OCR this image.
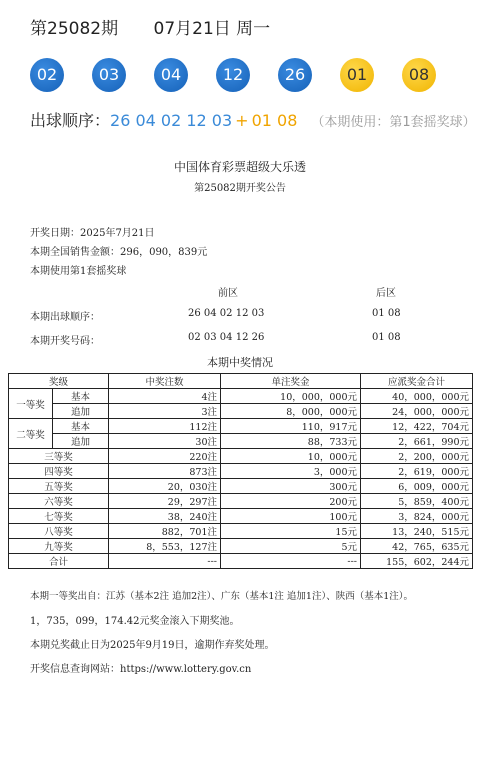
第25082期 07月21日 周一
02	03	04	12	26	01	08
出球顺序：26 04 02 12 03 + 01 08 （本期使用：第1套摇奖球）
中国体育彩票超级大乐透
第25082期开奖公告
开奖日期：2025年7月21日
本期全国销售金额：296，090，839元
本期使用第1套摇奖球
前区	后区
本期出球顺序：	26 04 02 12 03	01 08
本期开奖号码：	02 03 04 12 26	01 08
本期中奖情况
奖级		中奖注数	单注奖金	应派奖金合计
一等奖	基本	4注	10，000，000元	40，000，000元
	追加	3注	8，000，000元	24，000，000元
二等奖	基本	112注	110，917元	12，422，704元
	追加	30注	88，733元	2，661，990元
三等奖		220注	10，000元	2，200，000元
四等奖		873注	3，000元	2，619，000元
五等奖		20，030注	300元	6，009，000元
六等奖		29，297注	200元	5，859，400元
七等奖		38，240注	100元	3，824，000元
八等奖		882，701注	15元	13，240，515元
九等奖		8，553，127注	5元	42，765，635元
合计		---	---	155，602，244元
本期一等奖出自：江苏（基本2注 追加2注）、广东（基本1注 追加1注）、陕西（基本1注）。
1，735，099，174.42元奖金滚入下期奖池。
本期兑奖截止日为2025年9月19日，逾期作弃奖处理。
开奖信息查询网站：https://www.lottery.gov.cn
